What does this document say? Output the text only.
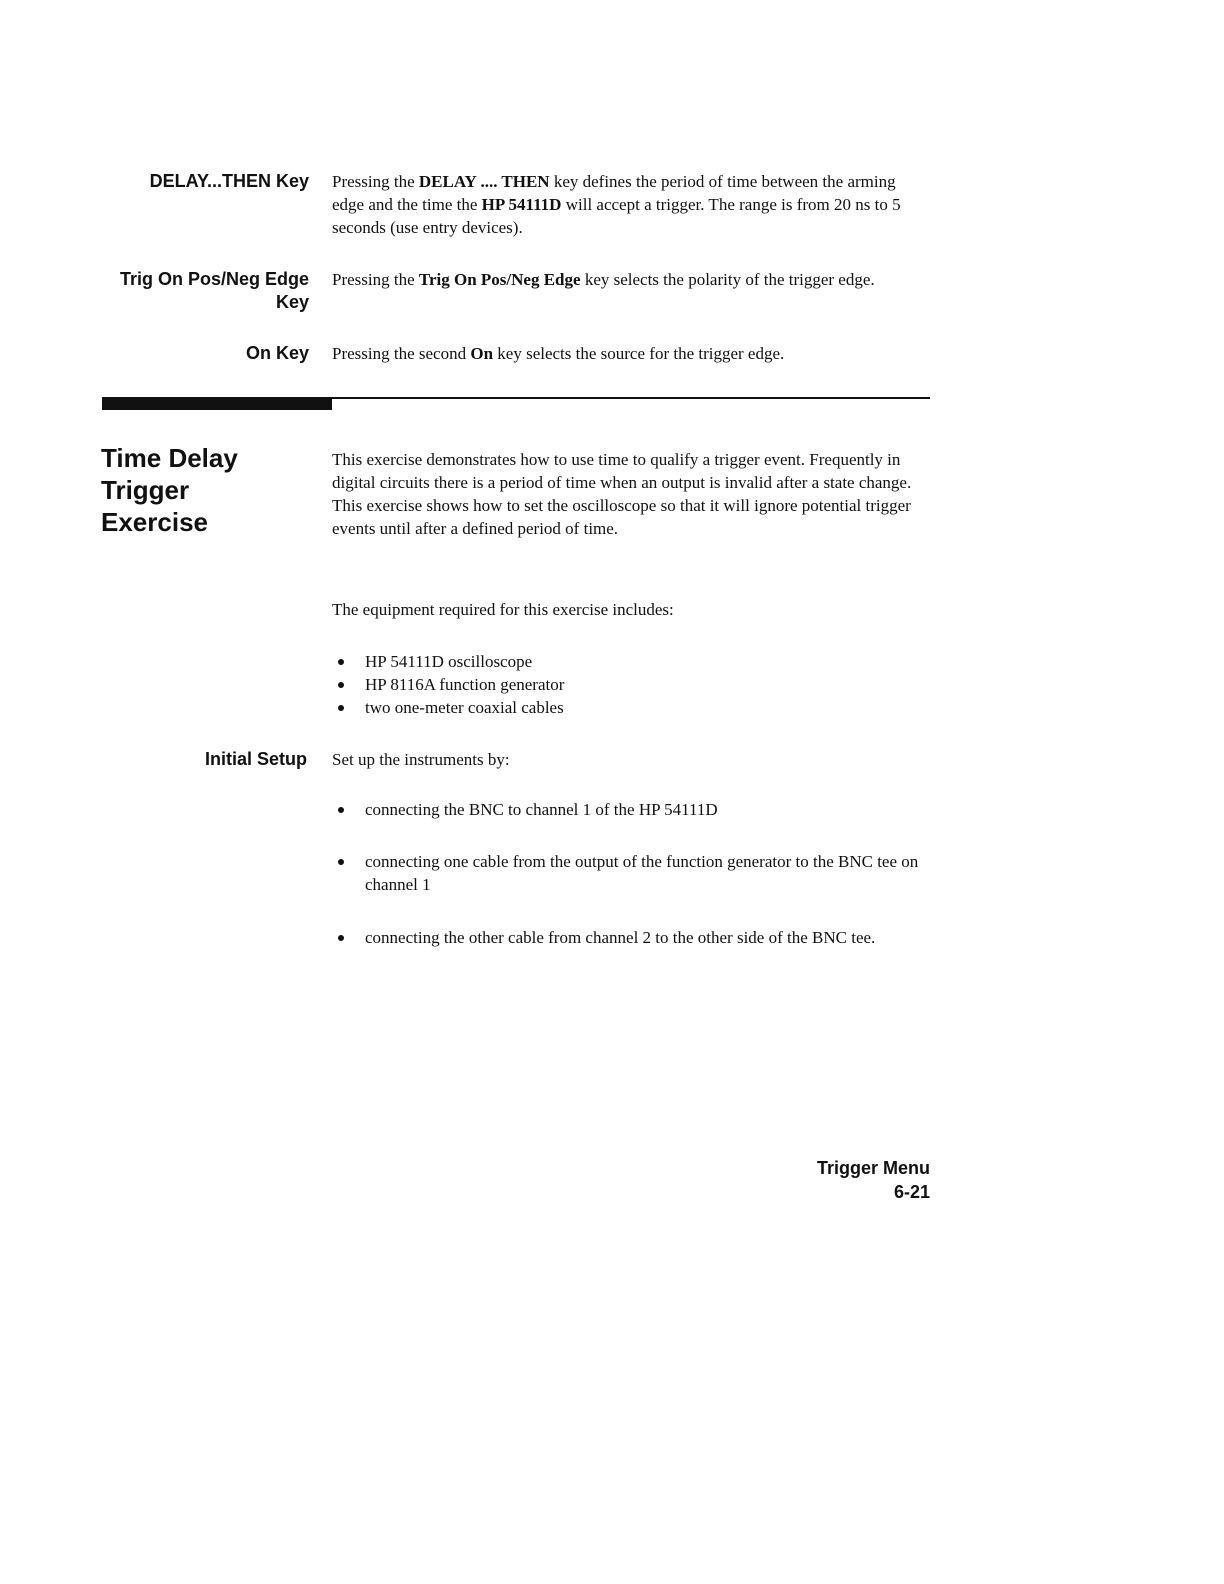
DELAY...THEN Key Pressing the DELAY .... THEN key defines the period of time between the arming edge and the time the HP 54111D will accept a trigger. The range is from 20 ns to 5 seconds (use entry devices).
Trig On Pos/Neg Edge
Key
Pressing the Trig On Pos/Neg Edge key selects the polarity of the trigger edge.
On Key Pressing the second On key selects the source for the trigger edge.
Time Delay
Trigger
Exercise
This exercise demonstrates how to use time to qualify a trigger event. Frequently in digital circuits there is a period of time when an output is invalid after a state change. This exercise shows how to set the oscilloscope so that it will ignore potential trigger events until after a defined period of time.
The equipment required for this exercise includes:
HP 54111D oscilloscope
HP 8116A function generator
two one-meter coaxial cables
Initial Setup Set up the instruments by:
connecting the BNC to channel 1 of the HP 54111D
connecting one cable from the output of the function generator to the BNC tee on channel 1
connecting the other cable from channel 2 to the other side of the BNC tee.
Trigger Menu
6-21
